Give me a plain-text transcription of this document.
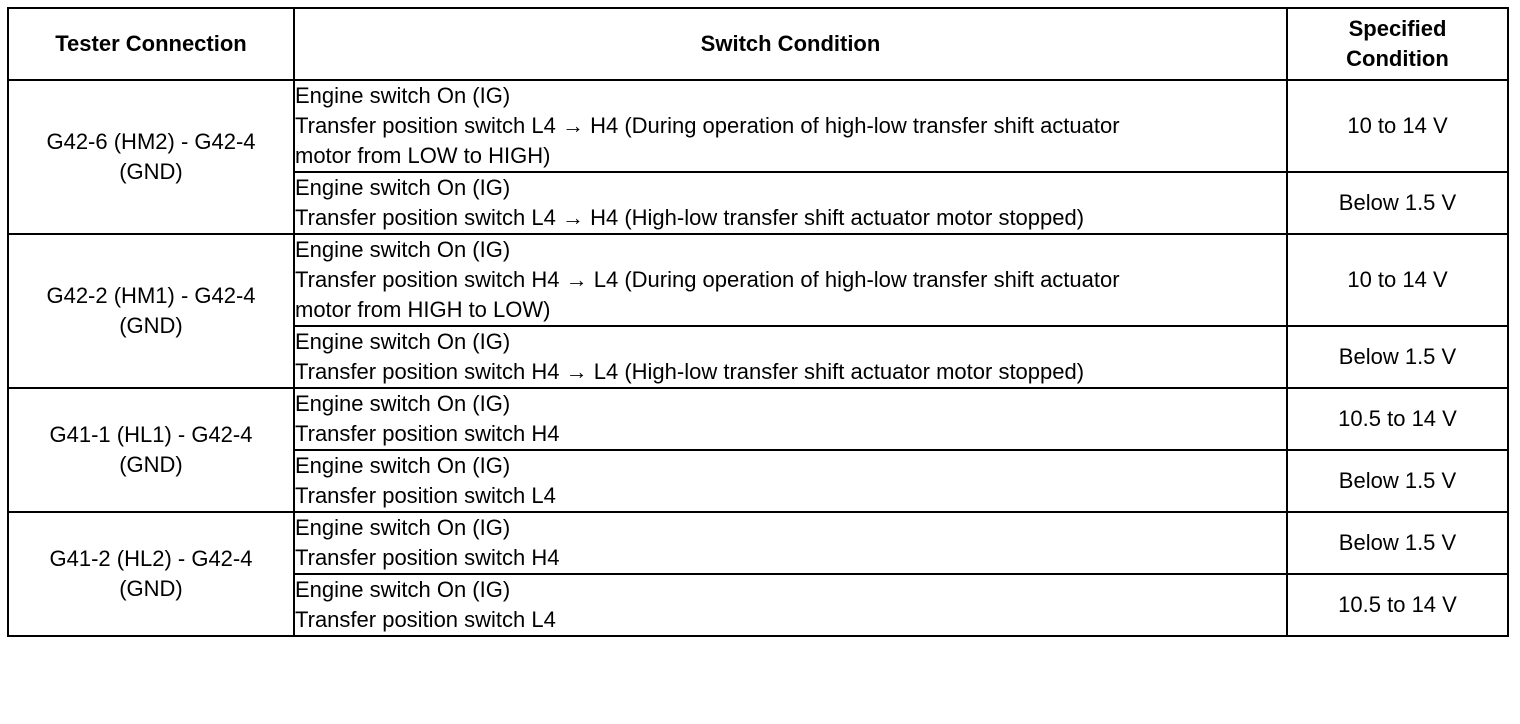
Tester Connection	Switch Condition	Specified
Condition

G42-6 (HM2) - G42-4 (GND)	Engine switch On (IG)
Transfer position switch L4 → H4 (During operation of high-low transfer shift actuator
motor from LOW to HIGH)	10 to 14 V

	Engine switch On (IG)
Transfer position switch L4 → H4 (High-low transfer shift actuator motor stopped)	Below 1.5 V

G42-2 (HM1) - G42-4 (GND)	Engine switch On (IG)
Transfer position switch H4 → L4 (During operation of high-low transfer shift actuator
motor from HIGH to LOW)	10 to 14 V

	Engine switch On (IG)
Transfer position switch H4 → L4 (High-low transfer shift actuator motor stopped)	Below 1.5 V

G41-1 (HL1) - G42-4 (GND)	Engine switch On (IG)
Transfer position switch H4	10.5 to 14 V

	Engine switch On (IG)
Transfer position switch L4	Below 1.5 V

G41-2 (HL2) - G42-4 (GND)	Engine switch On (IG)
Transfer position switch H4	Below 1.5 V

	Engine switch On (IG)
Transfer position switch L4	10.5 to 14 V
